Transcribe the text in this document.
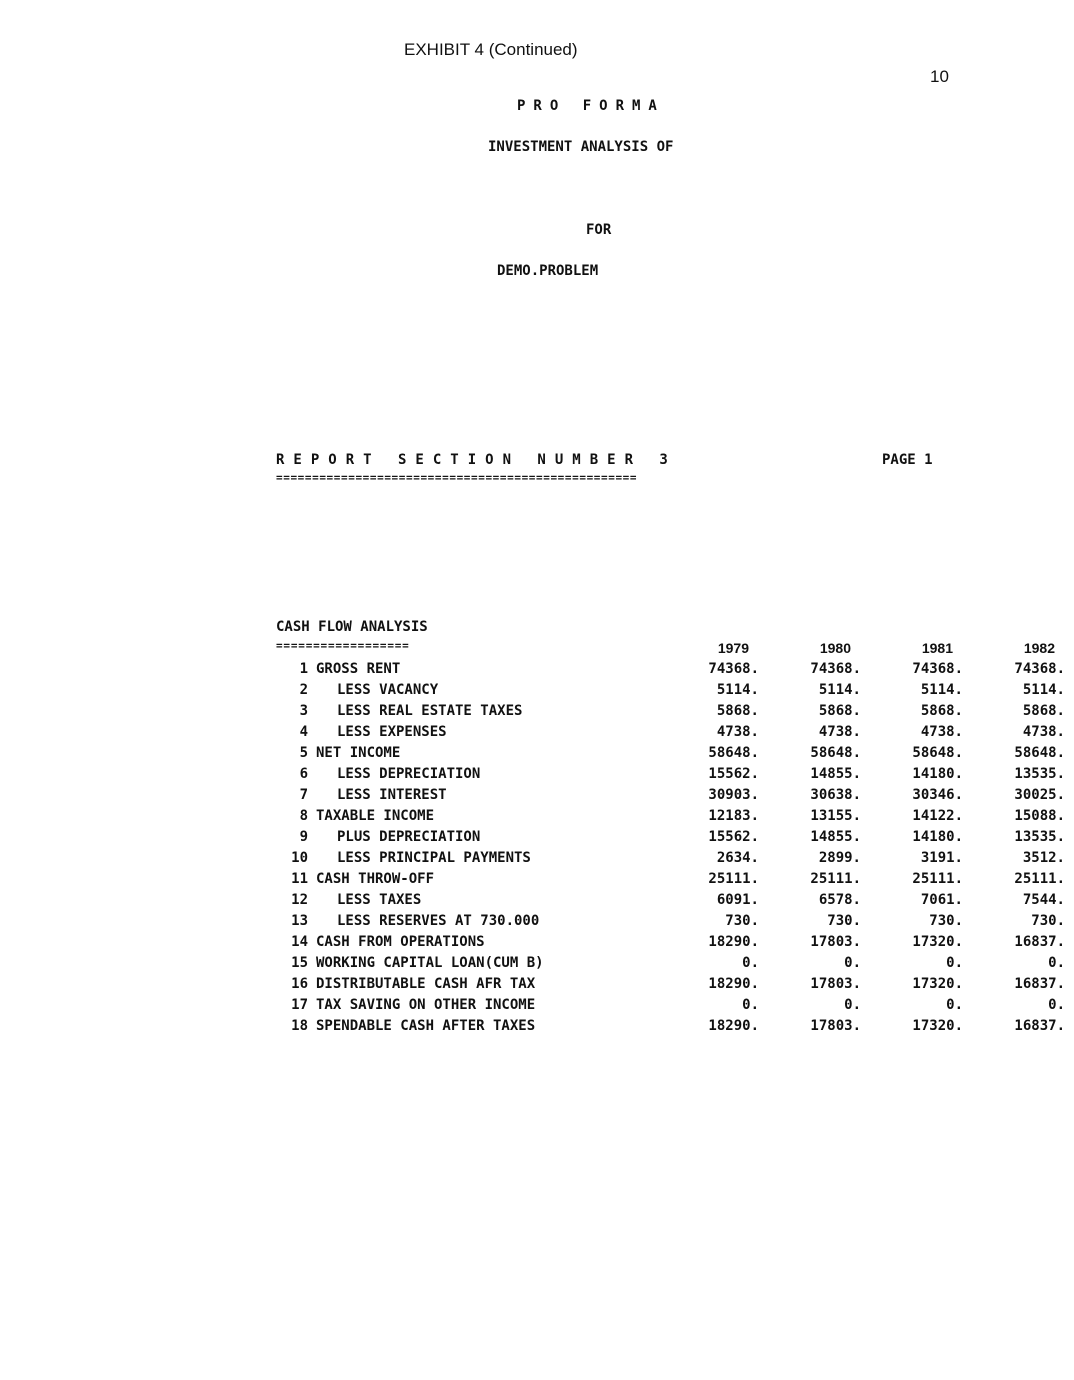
EXHIBIT 4 (Continued)
10
PRO FORMA
INVESTMENT ANALYSIS OF
FOR
DEMO.PROBLEM
REPORT SECTION NUMBER 3	PAGE 1
==================================================
CASH FLOW ANALYSIS
==================
			1979	1980	1981	1982
1	GROSS RENT	74368.	74368.	74368.	74368.
2	LESS VACANCY	5114.	5114.	5114.	5114.
3	LESS REAL ESTATE TAXES	5868.	5868.	5868.	5868.
4	LESS EXPENSES	4738.	4738.	4738.	4738.
5	NET INCOME	58648.	58648.	58648.	58648.
6	LESS DEPRECIATION	15562.	14855.	14180.	13535.
7	LESS INTEREST	30903.	30638.	30346.	30025.
8	TAXABLE INCOME	12183.	13155.	14122.	15088.
9	PLUS DEPRECIATION	15562.	14855.	14180.	13535.
10	LESS PRINCIPAL PAYMENTS	2634.	2899.	3191.	3512.
11	CASH THROW-OFF	25111.	25111.	25111.	25111.
12	LESS TAXES	6091.	6578.	7061.	7544.
13	LESS RESERVES AT 730.000	730.	730.	730.	730.
14	CASH FROM OPERATIONS	18290.	17803.	17320.	16837.
15	WORKING CAPITAL LOAN(CUM B)	0.	0.	0.	0.
16	DISTRIBUTABLE CASH AFR TAX	18290.	17803.	17320.	16837.
17	TAX SAVING ON OTHER INCOME	0.	0.	0.	0.
18	SPENDABLE CASH AFTER TAXES	18290.	17803.	17320.	16837.
